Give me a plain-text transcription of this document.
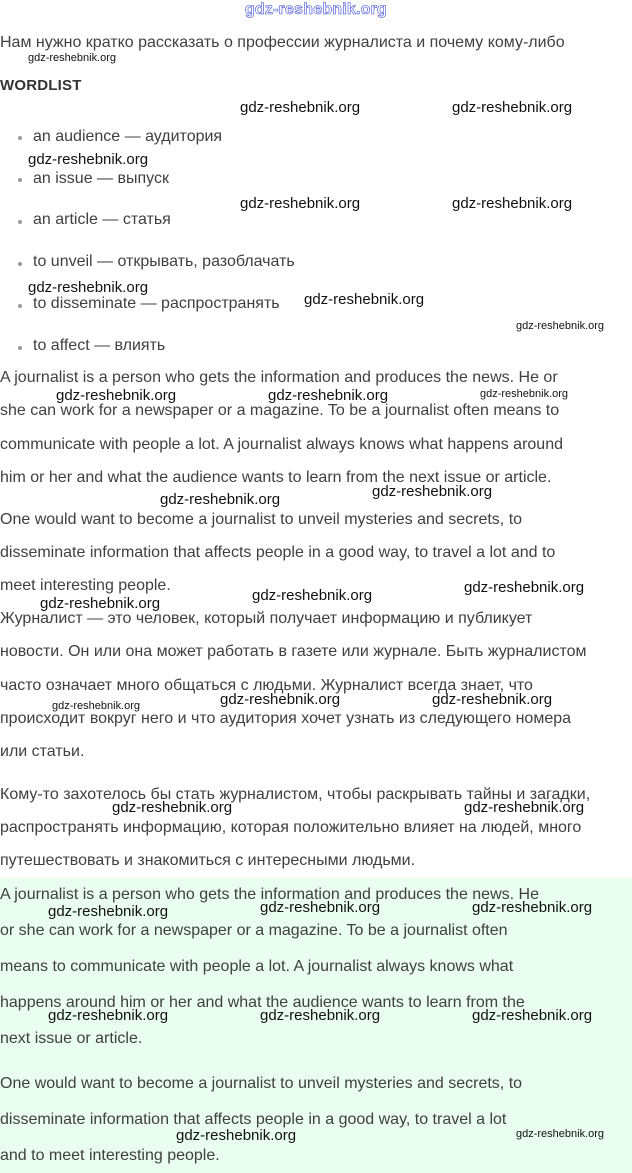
gdz-reshebnik.org
Нам нужно кратко рассказать о профессии журналиста и почему кому-либо
WORDLIST
an audience — аудитория
an issue — выпуск
an article — статья
to unveil — открывать, разоблачать
to disseminate — распространять
to affect — влиять
A journalist is a person who gets the information and produces the news. He or
she can work for a newspaper or a magazine. To be a journalist often means to
communicate with people a lot. A journalist always knows what happens around
him or her and what the audience wants to learn from the next issue or article.
One would want to become a journalist to unveil mysteries and secrets, to
disseminate information that affects people in a good way, to travel a lot and to
meet interesting people.
Журналист — это человек, который получает информацию и публикует
новости. Он или она может работать в газете или журнале. Быть журналистом
часто означает много общаться с людьми. Журналист всегда знает, что
происходит вокруг него и что аудитория хочет узнать из следующего номера
или статьи.
Кому-то захотелось бы стать журналистом, чтобы раскрывать тайны и загадки,
распространять информацию, которая положительно влияет на людей, много
путешествовать и знакомиться с интересными людьми.
A journalist is a person who gets the information and produces the news. He
or she can work for a newspaper or a magazine. To be a journalist often
means to communicate with people a lot. A journalist always knows what
happens around him or her and what the audience wants to learn from the
next issue or article.
One would want to become a journalist to unveil mysteries and secrets, to
disseminate information that affects people in a good way, to travel a lot
and to meet interesting people.
gdz-reshebnik.org
gdz-reshebnik.org	gdz-reshebnik.org
gdz-reshebnik.org
gdz-reshebnik.org	gdz-reshebnik.org
gdz-reshebnik.org
gdz-reshebnik.org
gdz-reshebnik.org
gdz-reshebnik.org	gdz-reshebnik.org	gdz-reshebnik.org
gdz-reshebnik.org	gdz-reshebnik.org
gdz-reshebnik.org	gdz-reshebnik.org
gdz-reshebnik.org
gdz-reshebnik.org	gdz-reshebnik.org	gdz-reshebnik.org
gdz-reshebnik.org	gdz-reshebnik.org
gdz-reshebnik.org	gdz-reshebnik.org	gdz-reshebnik.org
gdz-reshebnik.org	gdz-reshebnik.org	gdz-reshebnik.org
gdz-reshebnik.org	gdz-reshebnik.org
